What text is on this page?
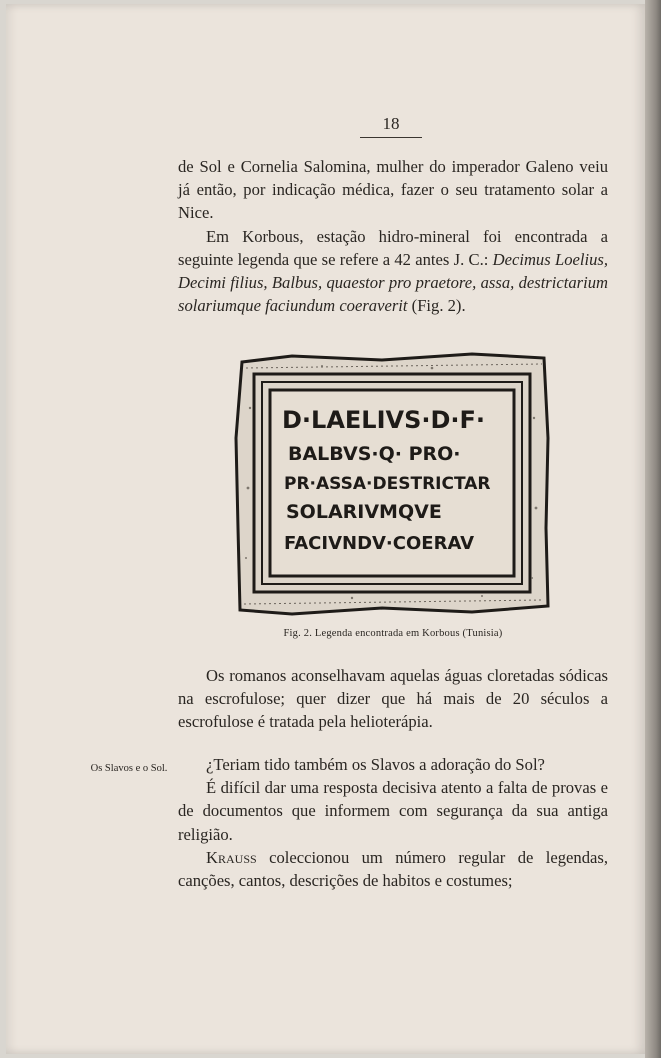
18

de Sol e Cornelia Salomina, mulher do imperador Galeno veiu já então, por indicação médica, fazer o seu tratamento solar a Nice.

Em Korbous, estação hidro-mineral foi encontrada a seguinte legenda que se refere a 42 antes J. C.: Decimus Loelius, Decimi filius, Balbus, quaestor pro praetore, assa, destrictarium solariumque faciundum coeraverit (Fig. 2).

D·LAELIVS·D·F·
BALBVS·Q· PRO·
PR·ASSA·DESTRICTAR
SOLARIVMQVE
FACIVNDV·COERAV
Fig. 2. Legenda encontrada em Korbous (Tunisia)

Os romanos aconselhavam aquelas águas cloretadas sódicas na escrofulose; quer dizer que há mais de 20 séculos a escrofulose é tratada pela helioterápia.

Os Slavos e o Sol.	¿Teriam tido também os Slavos a adoração do Sol?

É difícil dar uma resposta decisiva atento a falta de provas e de documentos que informem com segurança da sua antiga religião.

Krauss coleccionou um número regular de legendas, canções, cantos, descrições de habitos e costumes;
